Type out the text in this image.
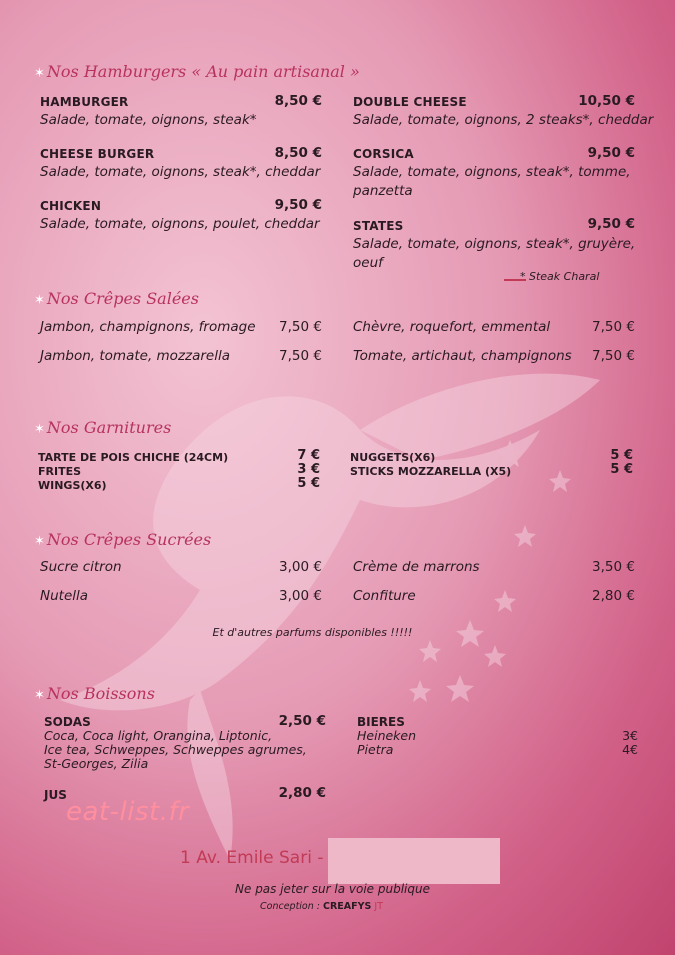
✶ Nos Hamburgers « Au pain artisanal »
HAMBURGER	8,50 €
Salade, tomate, oignons, steak*
CHEESE BURGER	8,50 €
Salade, tomate, oignons, steak*, cheddar
CHICKEN	9,50 €
Salade, tomate, oignons, poulet, cheddar
DOUBLE CHEESE	10,50 €
Salade, tomate, oignons, 2 steaks*, cheddar
CORSICA	9,50 €
Salade, tomate, oignons, steak*, tomme,
panzetta
STATES	9,50 €
Salade, tomate, oignons, steak*, gruyère,
oeuf
* Steak Charal
✶ Nos Crêpes Salées
Jambon, champignons, fromage	7,50 €
Jambon, tomate, mozzarella	7,50 €
Chèvre, roquefort, emmental	7,50 €
Tomate, artichaut, champignons	7,50 €
✶ Nos Garnitures
TARTE DE POIS CHICHE (24CM)	7 €
FRITES	3 €
WINGS(X6)	5 €
NUGGETS(X6)	5 €
STICKS MOZZARELLA (X5)	5 €
✶ Nos Crêpes Sucrées
Sucre citron	3,00 €
Nutella	3,00 €
Crème de marrons	3,50 €
Confiture	2,80 €
Et d'autres parfums disponibles !!!!!
✶ Nos Boissons
SODAS	2,50 €
Coca, Coca light, Orangina, Liptonic,
Ice tea, Schweppes, Schweppes agrumes,
St-Georges, Zilia
JUS	2,80 €
BIERES
Heineken	3€
Pietra	4€
eat-list.fr
1 Av. Emile Sari -
Ne pas jeter sur la voie publique
Conception : CREAFYS JT
